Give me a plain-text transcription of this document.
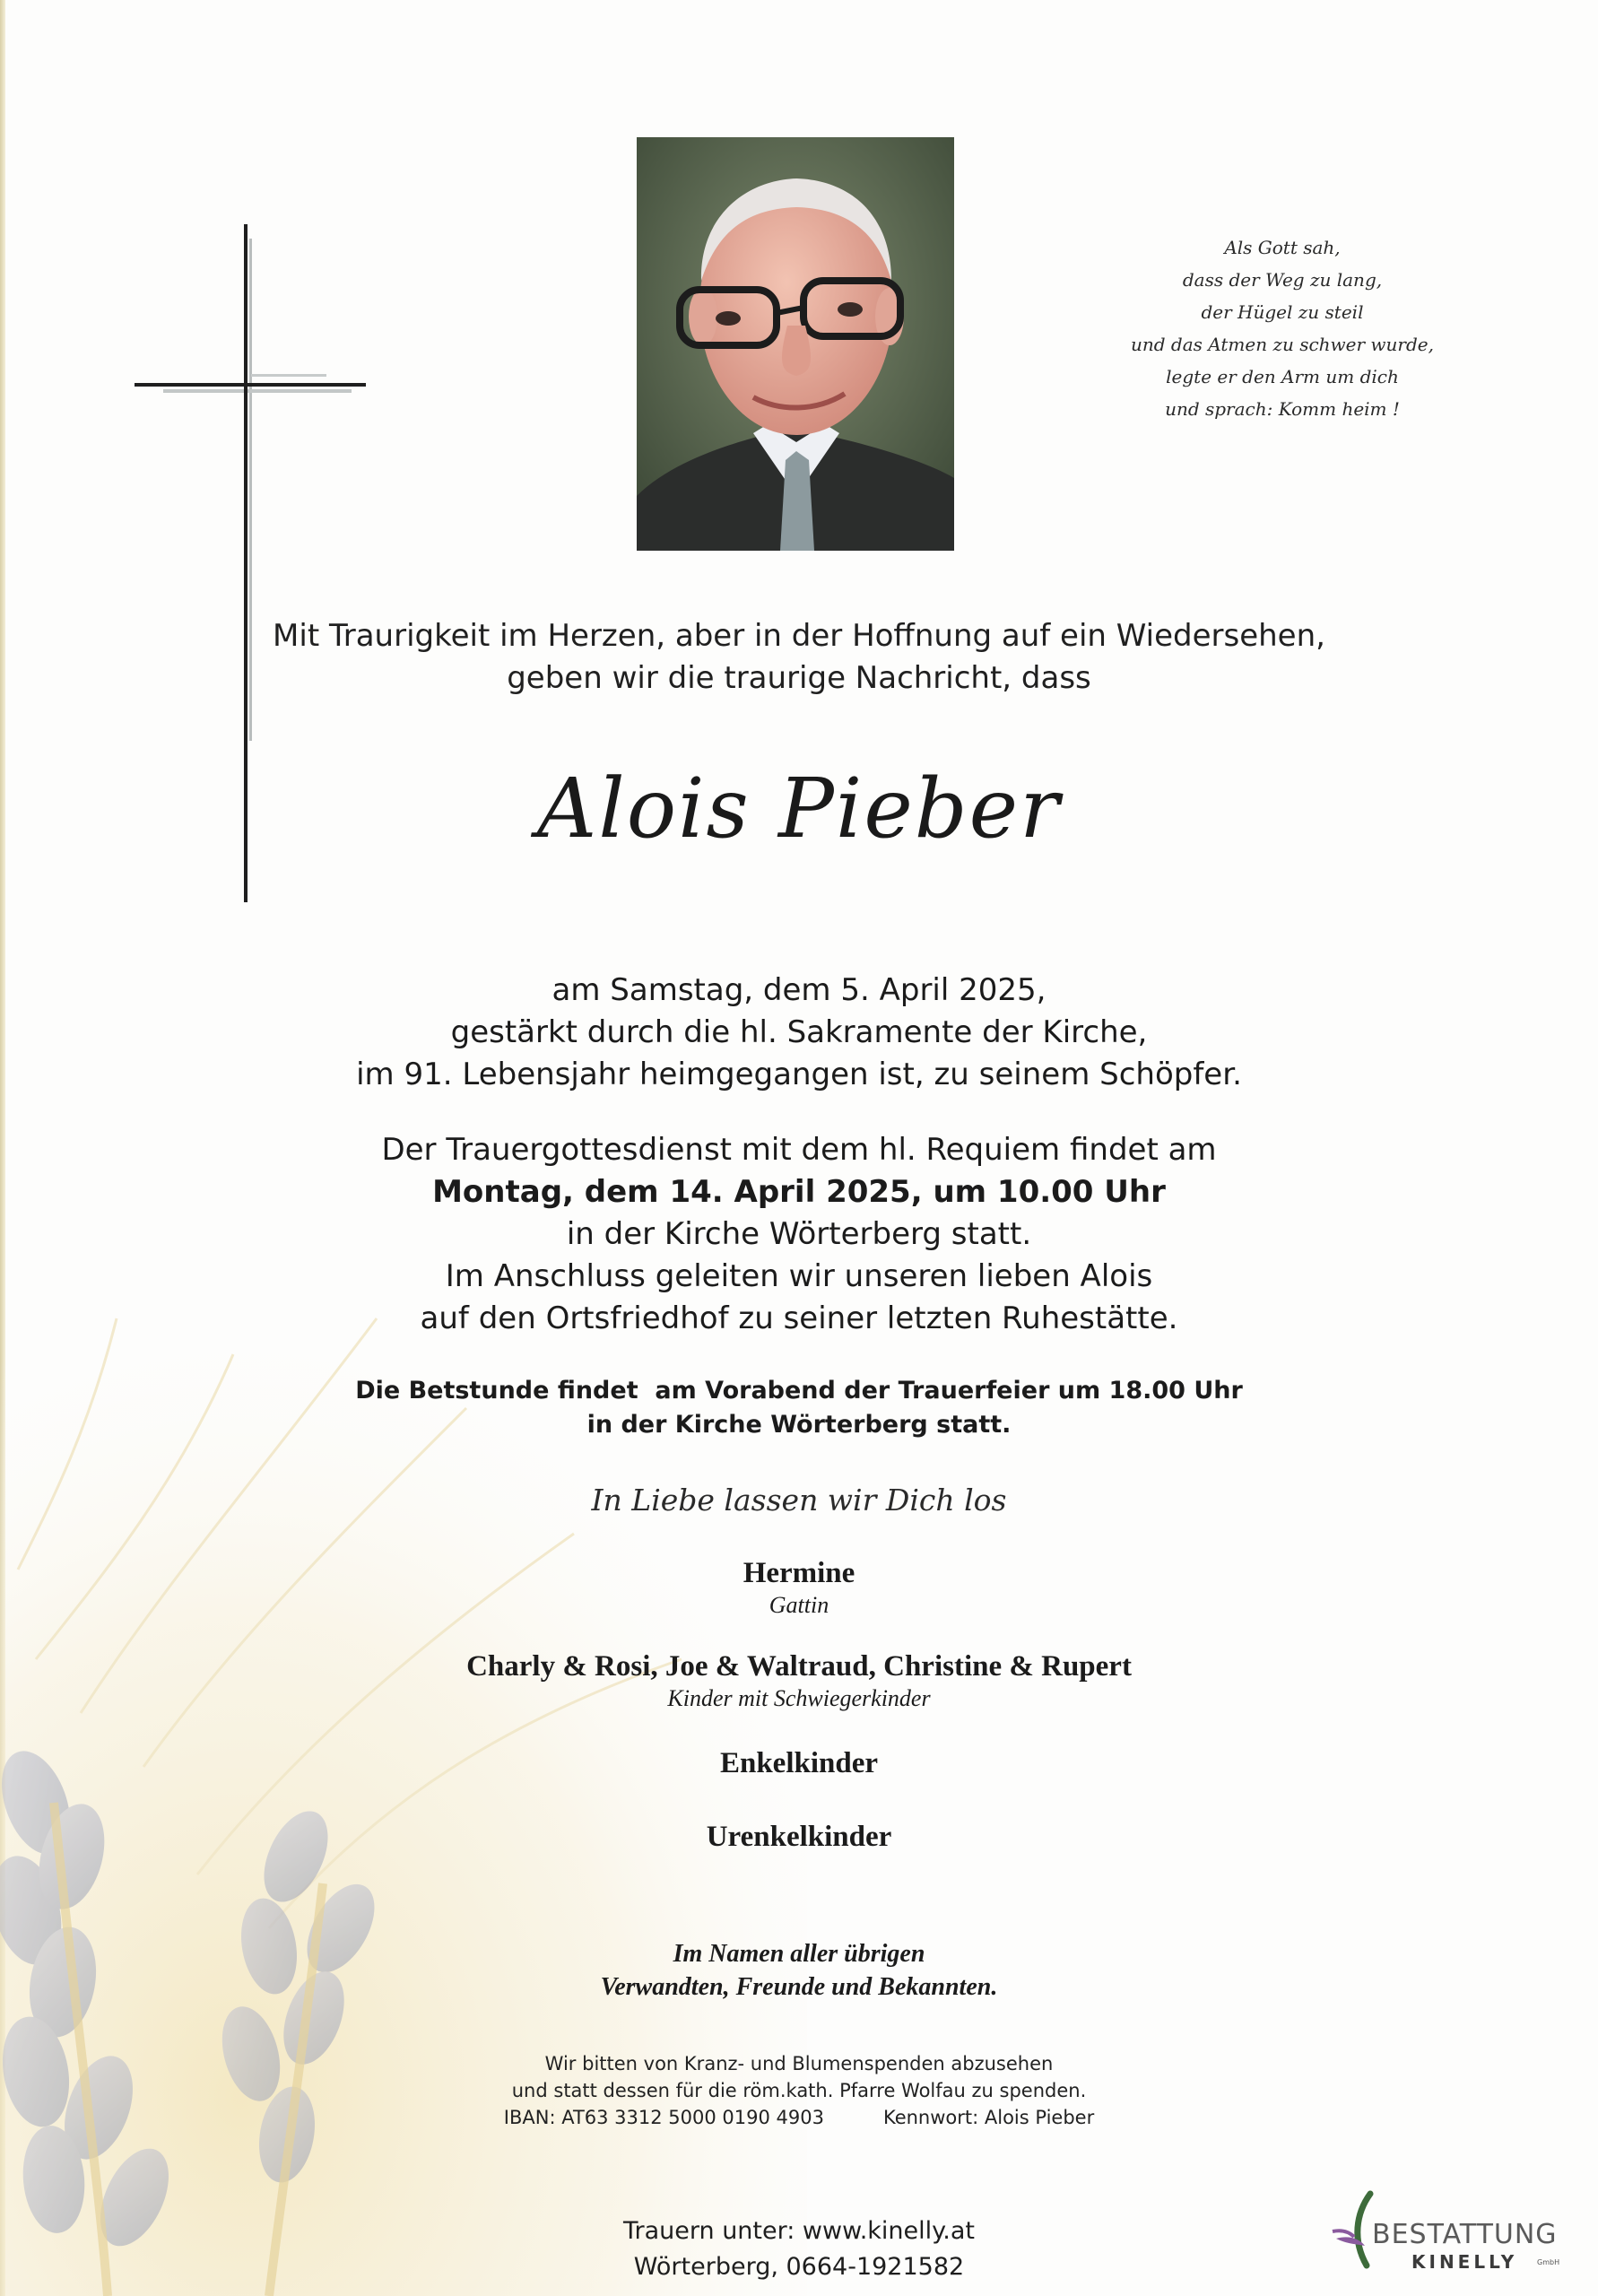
Als Gott sah,
dass der Weg zu lang,
der Hügel zu steil
und das Atmen zu schwer wurde,
legte er den Arm um dich
und sprach: Komm heim !
Mit Traurigkeit im Herzen, aber in der Hoffnung auf ein Wiedersehen,
geben wir die traurige Nachricht, dass
Alois Pieber
am Samstag, dem 5. April 2025,
gestärkt durch die hl. Sakramente der Kirche,
im 91. Lebensjahr heimgegangen ist, zu seinem Schöpfer.
Der Trauergottesdienst mit dem hl. Requiem findet am
Montag, dem 14. April 2025, um 10.00 Uhr
in der Kirche Wörterberg statt.
Im Anschluss geleiten wir unseren lieben Alois
auf den Ortsfriedhof zu seiner letzten Ruhestätte.
Die Betstunde findet  am Vorabend der Trauerfeier um 18.00 Uhr
in der Kirche Wörterberg statt.
In Liebe lassen wir Dich los
Hermine
Gattin
Charly & Rosi, Joe & Waltraud, Christine & Rupert
Kinder mit Schwiegerkinder
Enkelkinder
Urenkelkinder
Im Namen aller übrigen
Verwandten, Freunde und Bekannten.
Wir bitten von Kranz- und Blumenspenden abzusehen
und statt dessen für die röm.kath. Pfarre Wolfau zu spenden.
IBAN: AT63 3312 5000 0190 4903	Kennwort: Alois Pieber
Trauern unter: www.kinelly.at
Wörterberg, 0664-1921582
BESTATTUNG
KINELLY	GmbH
